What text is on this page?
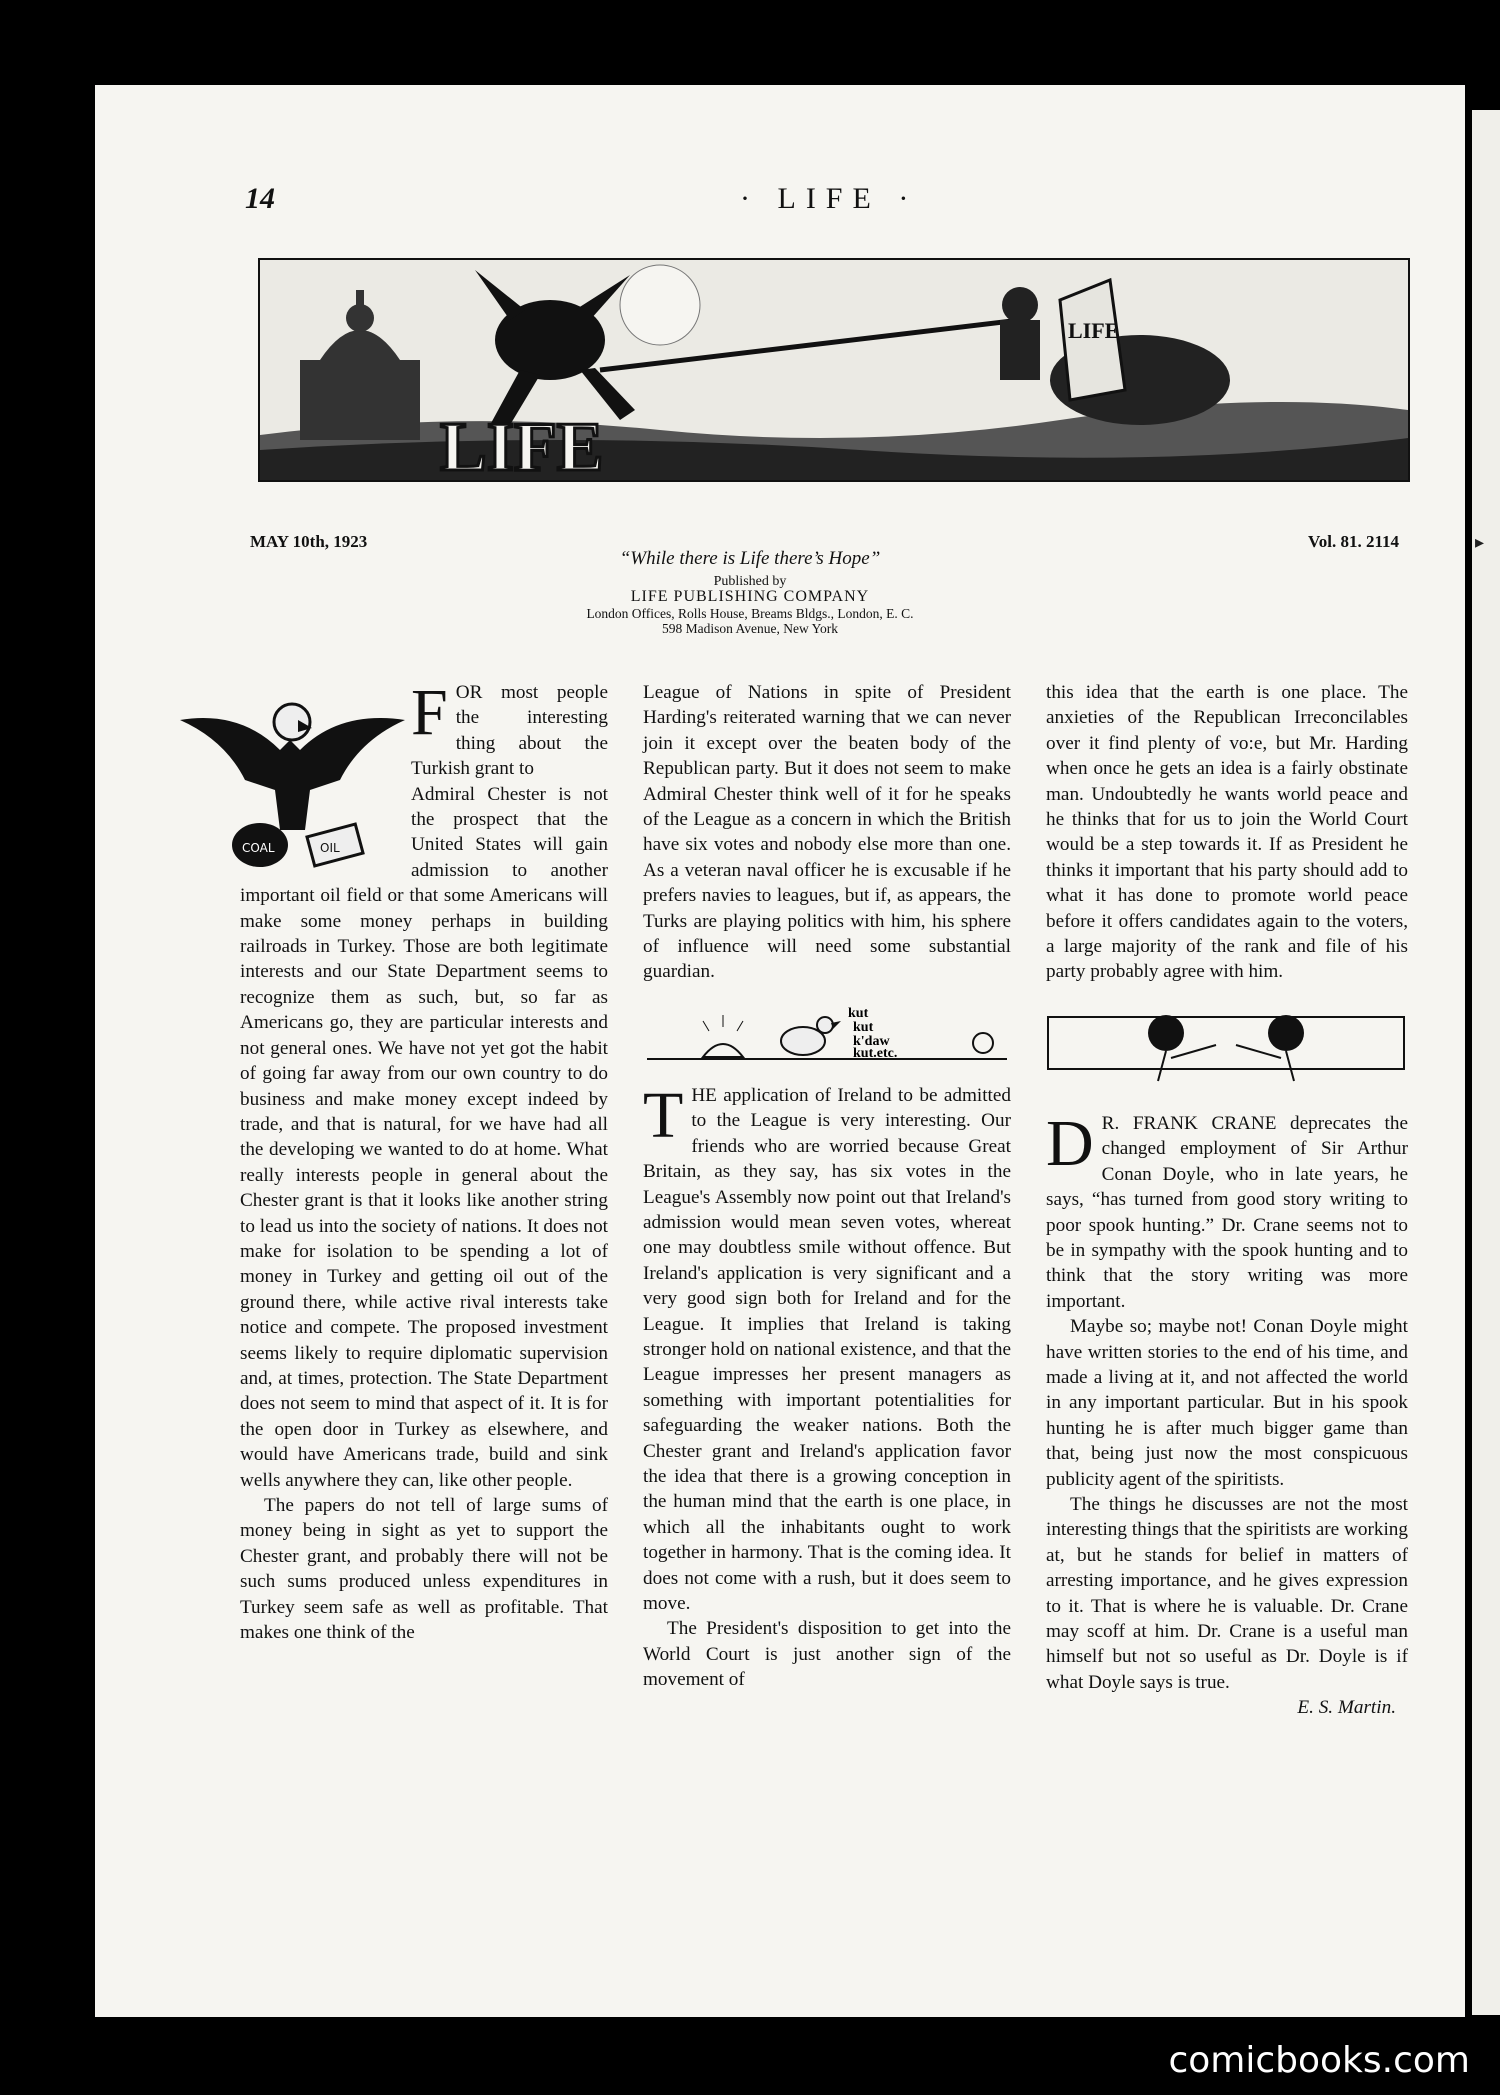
▸
14	· LIFE ·
LIFE
LIFE
MAY 10th, 1923	Vol. 81. 2114
“While there is Life there’s Hope”
Published by
LIFE PUBLISHING COMPANY
London Offices, Rolls House, Breams Bldgs., London, E. C.
598 Madison Avenue, New York
COAL	OIL
F OR most people the interesting thing about the Turkish grant to

Admiral Chester is not the prospect that the United States will gain admission to another important oil field or that some Americans will make some money perhaps in building railroads in Turkey. Those are both legitimate interests and our State Department seems to recognize them as such, but, so far as Americans go, they are particular interests and not general ones. We have not yet got the habit of going far away from our own country to do business and make money except indeed by trade, and that is natural, for we have had all the developing we wanted to do at home. What really interests people in general about the Chester grant is that it looks like another string to lead us into the society of nations. It does not make for isolation to be spending a lot of money in Turkey and getting oil out of the ground there, while active rival interests take notice and compete. The proposed investment seems likely to require diplomatic supervision and, at times, protection. The State Department does not seem to mind that aspect of it. It is for the open door in Turkey as elsewhere, and would have Americans trade, build and sink wells anywhere they can, like other people.

The papers do not tell of large sums of money being in sight as yet to support the Chester grant, and probably there will not be such sums produced unless expenditures in Turkey seem safe as well as profitable. That makes one think of the

League of Nations in spite of President Harding's reiterated warning that we can never join it except over the beaten body of the Republican party. But it does not seem to make Admiral Chester think well of it for he speaks of the League as a concern in which the British have six votes and nobody else more than one. As a veteran naval officer he is excusable if he prefers navies to leagues, but if, as appears, the Turks are playing politics with him, his sphere of influence will need some substantial guardian.

kut
kut
k'daw
kut.etc.
T HE application of Ireland to be admitted to the League is very interesting. Our friends who are worried because Great Britain, as they say, has six votes in the League's Assembly now point out that Ireland's admission would mean seven votes, whereat one may doubtless smile without offence. But Ireland's application is very significant and a very good sign both for Ireland and for the League. It implies that Ireland is taking stronger hold on national existence, and that the League impresses her present managers as something with important potentialities for safeguarding the weaker nations. Both the Chester grant and Ireland's application favor the idea that there is a growing conception in the human mind that the earth is one place, in which all the inhabitants ought to work together in harmony. That is the coming idea. It does not come with a rush, but it does seem to move.

The President's disposition to get into the World Court is just another sign of the movement of

this idea that the earth is one place. The anxieties of the Republican Irreconcilables over it find plenty of vo:e, but Mr. Harding when once he gets an idea is a fairly obstinate man. Undoubtedly he wants world peace and he thinks that for us to join the World Court would be a step towards it. If as President he thinks it important that his party should add to what it has done to promote world peace before it offers candidates again to the voters, a large majority of the rank and file of his party probably agree with him.

D R. FRANK CRANE deprecates the changed employment of Sir Arthur Conan Doyle, who in late years, he says, “has turned from good story writing to poor spook hunting.” Dr. Crane seems not to be in sympathy with the spook hunting and to think that the story writing was more important.

Maybe so; maybe not! Conan Doyle might have written stories to the end of his time, and made a living at it, and not affected the world in any important particular. But in his spook hunting he is after much bigger game than that, being just now the most conspicuous publicity agent of the spiritists.

The things he discusses are not the most interesting things that the spiritists are working at, but he stands for belief in matters of arresting importance, and he gives expression to it. That is where he is valuable. Dr. Crane may scoff at him. Dr. Crane is a useful man himself but not so useful as Dr. Doyle is if what Doyle says is true.

E. S. Martin.
comicbooks.com
